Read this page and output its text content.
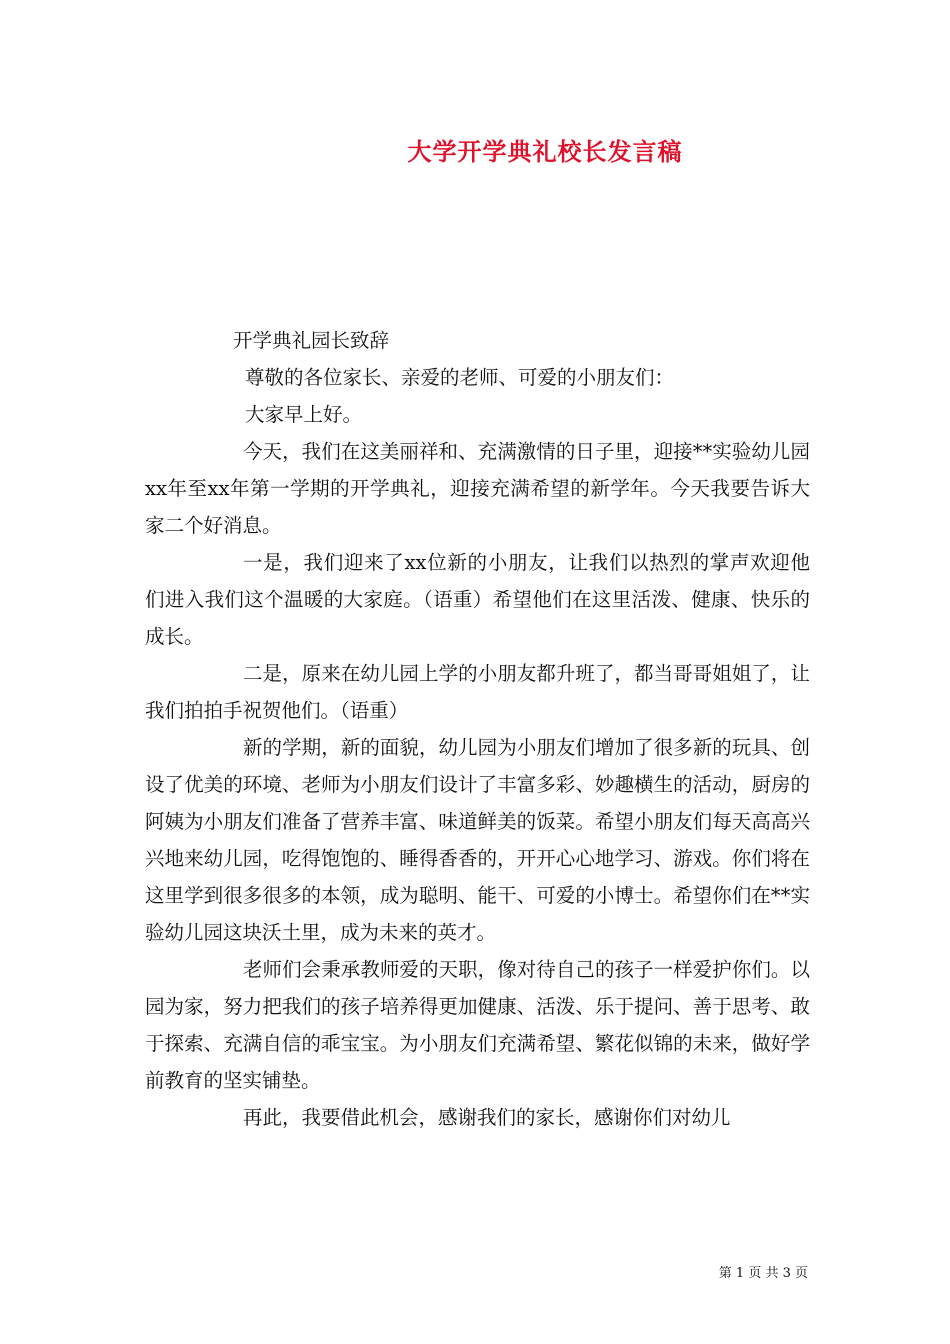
大学开学典礼校长发言稿

开学典礼园长致辞

尊敬的各位家长、亲爱的老师、可爱的小朋友们：

大家早上好。

今天，我们在这美丽祥和、充满激情的日子里，迎接**实验幼儿园xx年至xx年第一学期的开学典礼，迎接充满希望的新学年。今天我要告诉大家二个好消息。

一是，我们迎来了xx位新的小朋友，让我们以热烈的掌声欢迎他们进入我们这个温暖的大家庭。（语重）希望他们在这里活泼、健康、快乐的成长。

二是，原来在幼儿园上学的小朋友都升班了，都当哥哥姐姐了，让我们拍拍手祝贺他们。（语重）

新的学期，新的面貌，幼儿园为小朋友们增加了很多新的玩具、创设了优美的环境、老师为小朋友们设计了丰富多彩、妙趣横生的活动，厨房的阿姨为小朋友们准备了营养丰富、味道鲜美的饭菜。希望小朋友们每天高高兴兴地来幼儿园，吃得饱饱的、睡得香香的，开开心心地学习、游戏。你们将在这里学到很多很多的本领，成为聪明、能干、可爱的小博士。希望你们在**实验幼儿园这块沃土里，成为未来的英才。

老师们会秉承教师爱的天职，像对待自己的孩子一样爱护你们。以园为家，努力把我们的孩子培养得更加健康、活泼、乐于提问、善于思考、敢于探索、充满自信的乖宝宝。为小朋友们充满希望、繁花似锦的未来，做好学前教育的坚实铺垫。

再此，我要借此机会，感谢我们的家长，感谢你们对幼儿

第 1 页 共 3 页
